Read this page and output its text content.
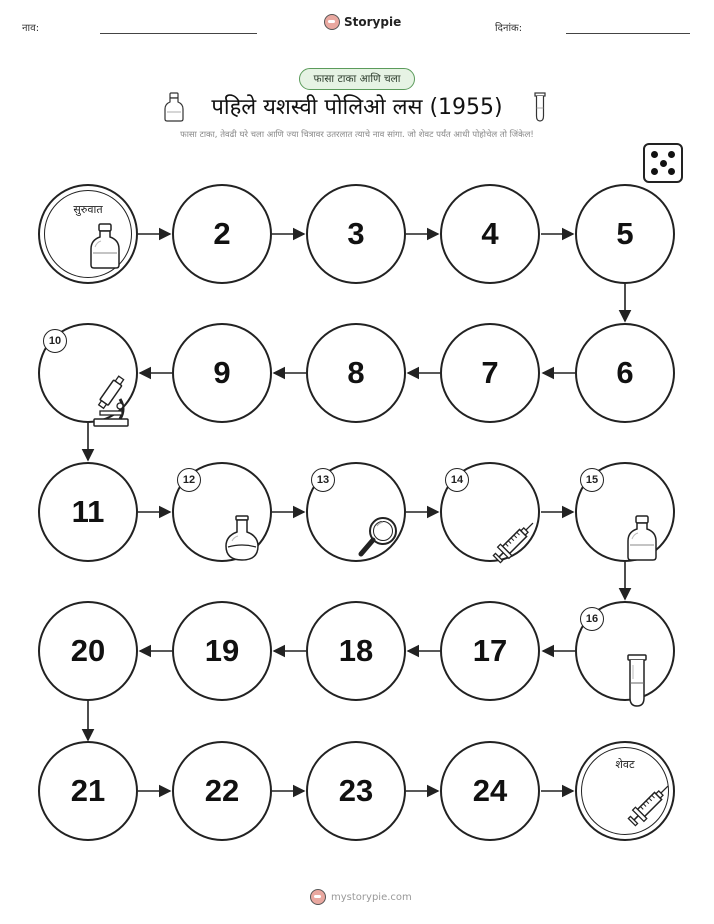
नाव:	Storypie	दिनांक:
फासा टाका आणि चला
पहिले यशस्वी पोलिओ लस (1955)
फासा टाका, तेवढी घरे चला आणि ज्या चित्रावर उतरलात त्याचे नाव सांगा. जो शेवट पर्यंत आधी पोहोचेल तो जिंकेल!
सुरुवात
2	3	4	5
6
7
8
9
10
11
12	13	14	15
16
17
18
19
20
21	22	23	24
शेवट
mystorypie.com
